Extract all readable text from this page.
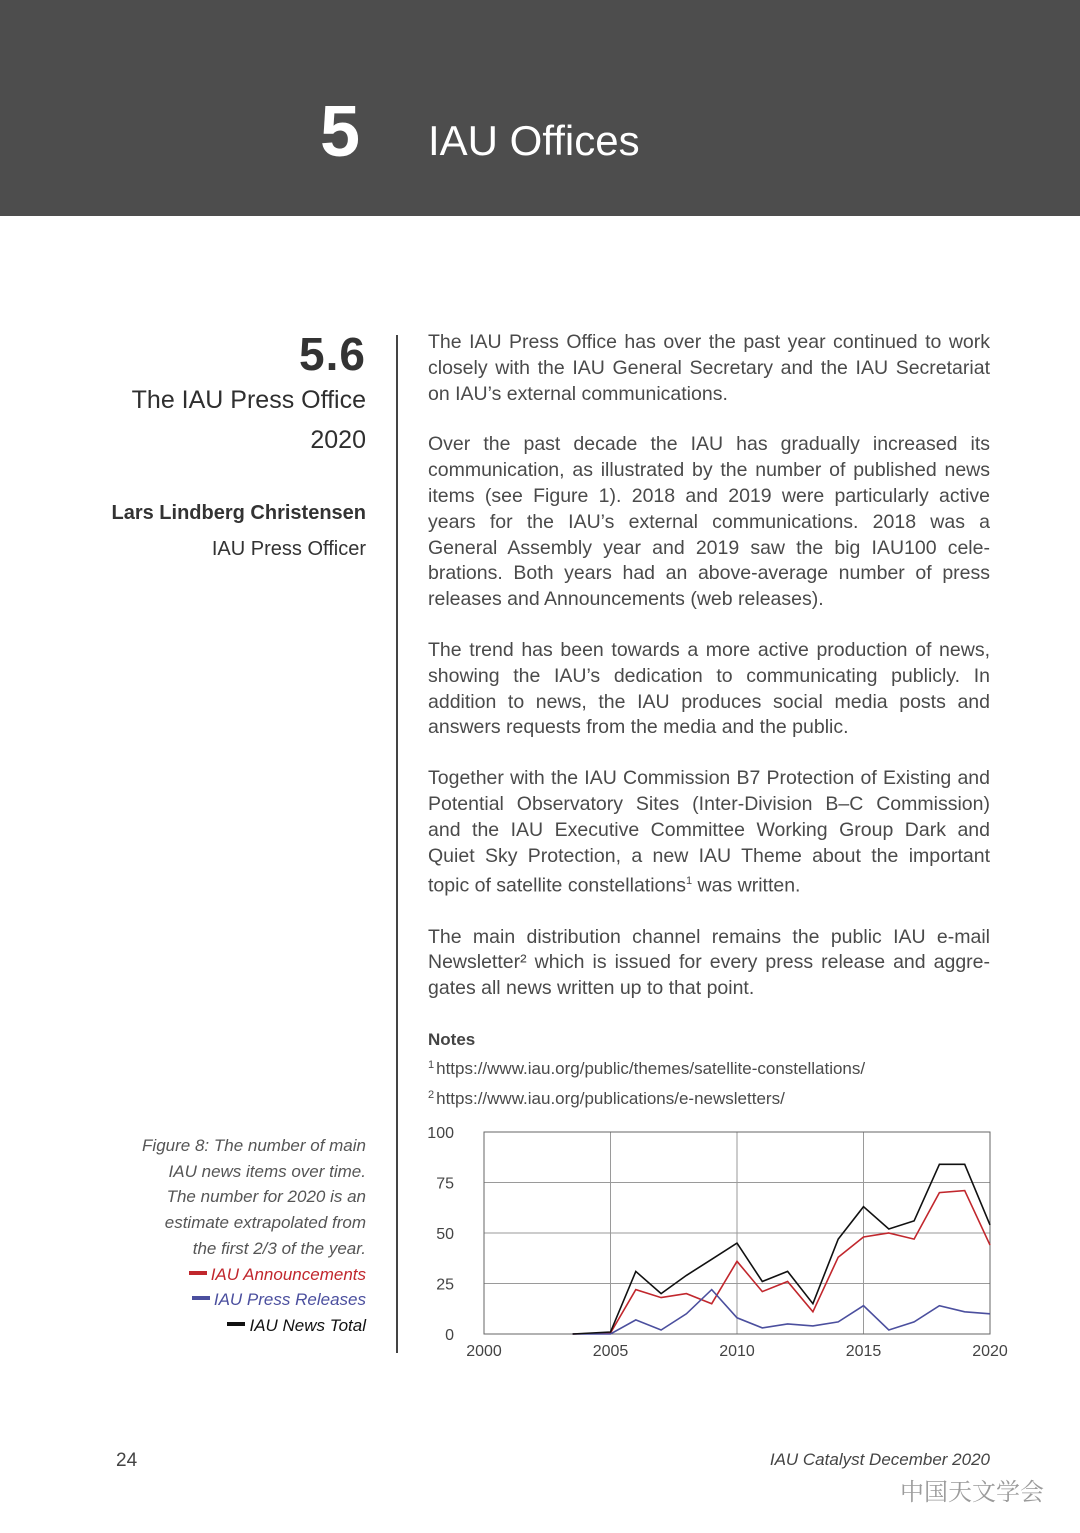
5 IAU Offices
5.6
The IAU Press Office
2020
Lars Lindberg Christensen
IAU Press Officer

The IAU Press Office has over the past year continued to work closely with the IAU General Secretary and the IAU Secretariat on IAU’s external communications.

Over the past decade the IAU has gradually increased its communication, as illustrated by the number of published news items (see Figure 1). 2018 and 2019 were particularly active years for the IAU’s external communications. 2018 was a General Assembly year and 2019 saw the big IAU100 celebrations. Both years had an above-average number of press releases and Announcements (web releases).

The trend has been towards a more active production of news, showing the IAU’s dedication to communicating publicly. In addition to news, the IAU produces social media posts and answers requests from the media and the public.

Together with the IAU Commission B7 Protection of Existing and Potential Observatory Sites (Inter-Division B–C Commission) and the IAU Executive Committee Working Group Dark and Quiet Sky Protection, a new IAU Theme about the important topic of satellite constellations$^1$ was written.

The main distribution channel remains the public IAU e-mail Newsletter² which is issued for every press release and aggregates all news written up to that point.

Notes
$^1$ https://www.iau.org/public/themes/satellite-constellations/
$^2$ https://www.iau.org/publications/e-newsletters/
Figure 8: The number of main
IAU news items over time.
The number for 2020 is an
estimate extrapolated from
the first 2/3 of the year.
IAU Announcements
IAU Press Releases
IAU News Total
0
25
50
75
100
2000	2005	2010	2015	2020
24	IAU Catalyst December 2020
中国天文学会
